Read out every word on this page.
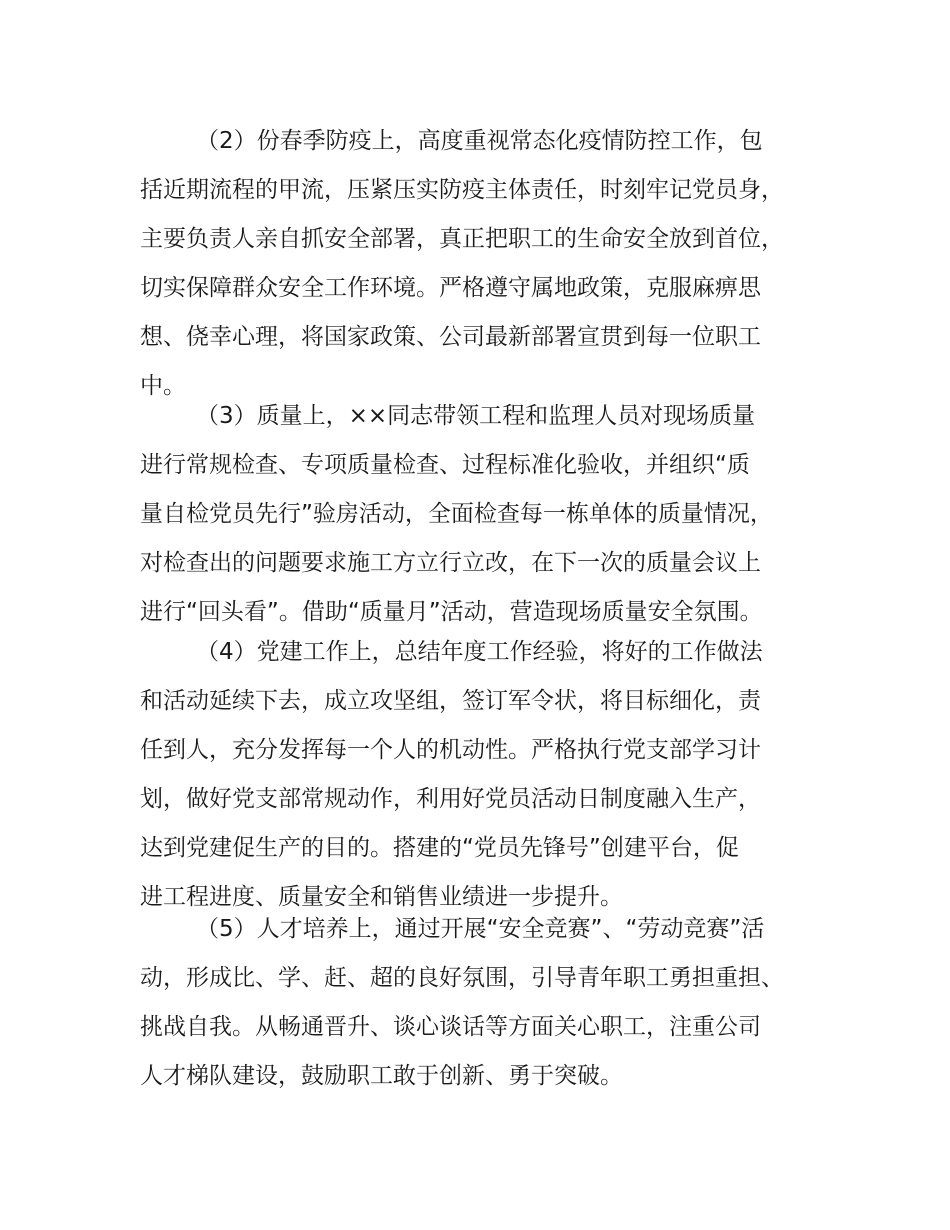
（2）份春季防疫上，高度重视常态化疫情防控工作，包
括近期流程的甲流，压紧压实防疫主体责任，时刻牢记党员身，
主要负责人亲自抓安全部署，真正把职工的生命安全放到首位，
切实保障群众安全工作环境。严格遵守属地政策，克服麻痹思
想、侥幸心理，将国家政策、公司最新部署宣贯到每一位职工
中。
（3）质量上，××同志带领工程和监理人员对现场质量
进行常规检查、专项质量检查、过程标准化验收，并组织“质
量自检党员先行”验房活动，全面检查每一栋单体的质量情况，
对检查出的问题要求施工方立行立改，在下一次的质量会议上
进行“回头看”。借助“质量月”活动，营造现场质量安全氛围。
（4）党建工作上，总结年度工作经验，将好的工作做法
和活动延续下去，成立攻坚组，签订军令状，将目标细化，责
任到人，充分发挥每一个人的机动性。严格执行党支部学习计
划，做好党支部常规动作，利用好党员活动日制度融入生产，
达到党建促生产的目的。搭建的“党员先锋号”创建平台，促
进工程进度、质量安全和销售业绩进一步提升。
（5）人才培养上，通过开展“安全竞赛”、“劳动竞赛”活
动，形成比、学、赶、超的良好氛围，引导青年职工勇担重担、
挑战自我。从畅通晋升、谈心谈话等方面关心职工，注重公司
人才梯队建设，鼓励职工敢于创新、勇于突破。
